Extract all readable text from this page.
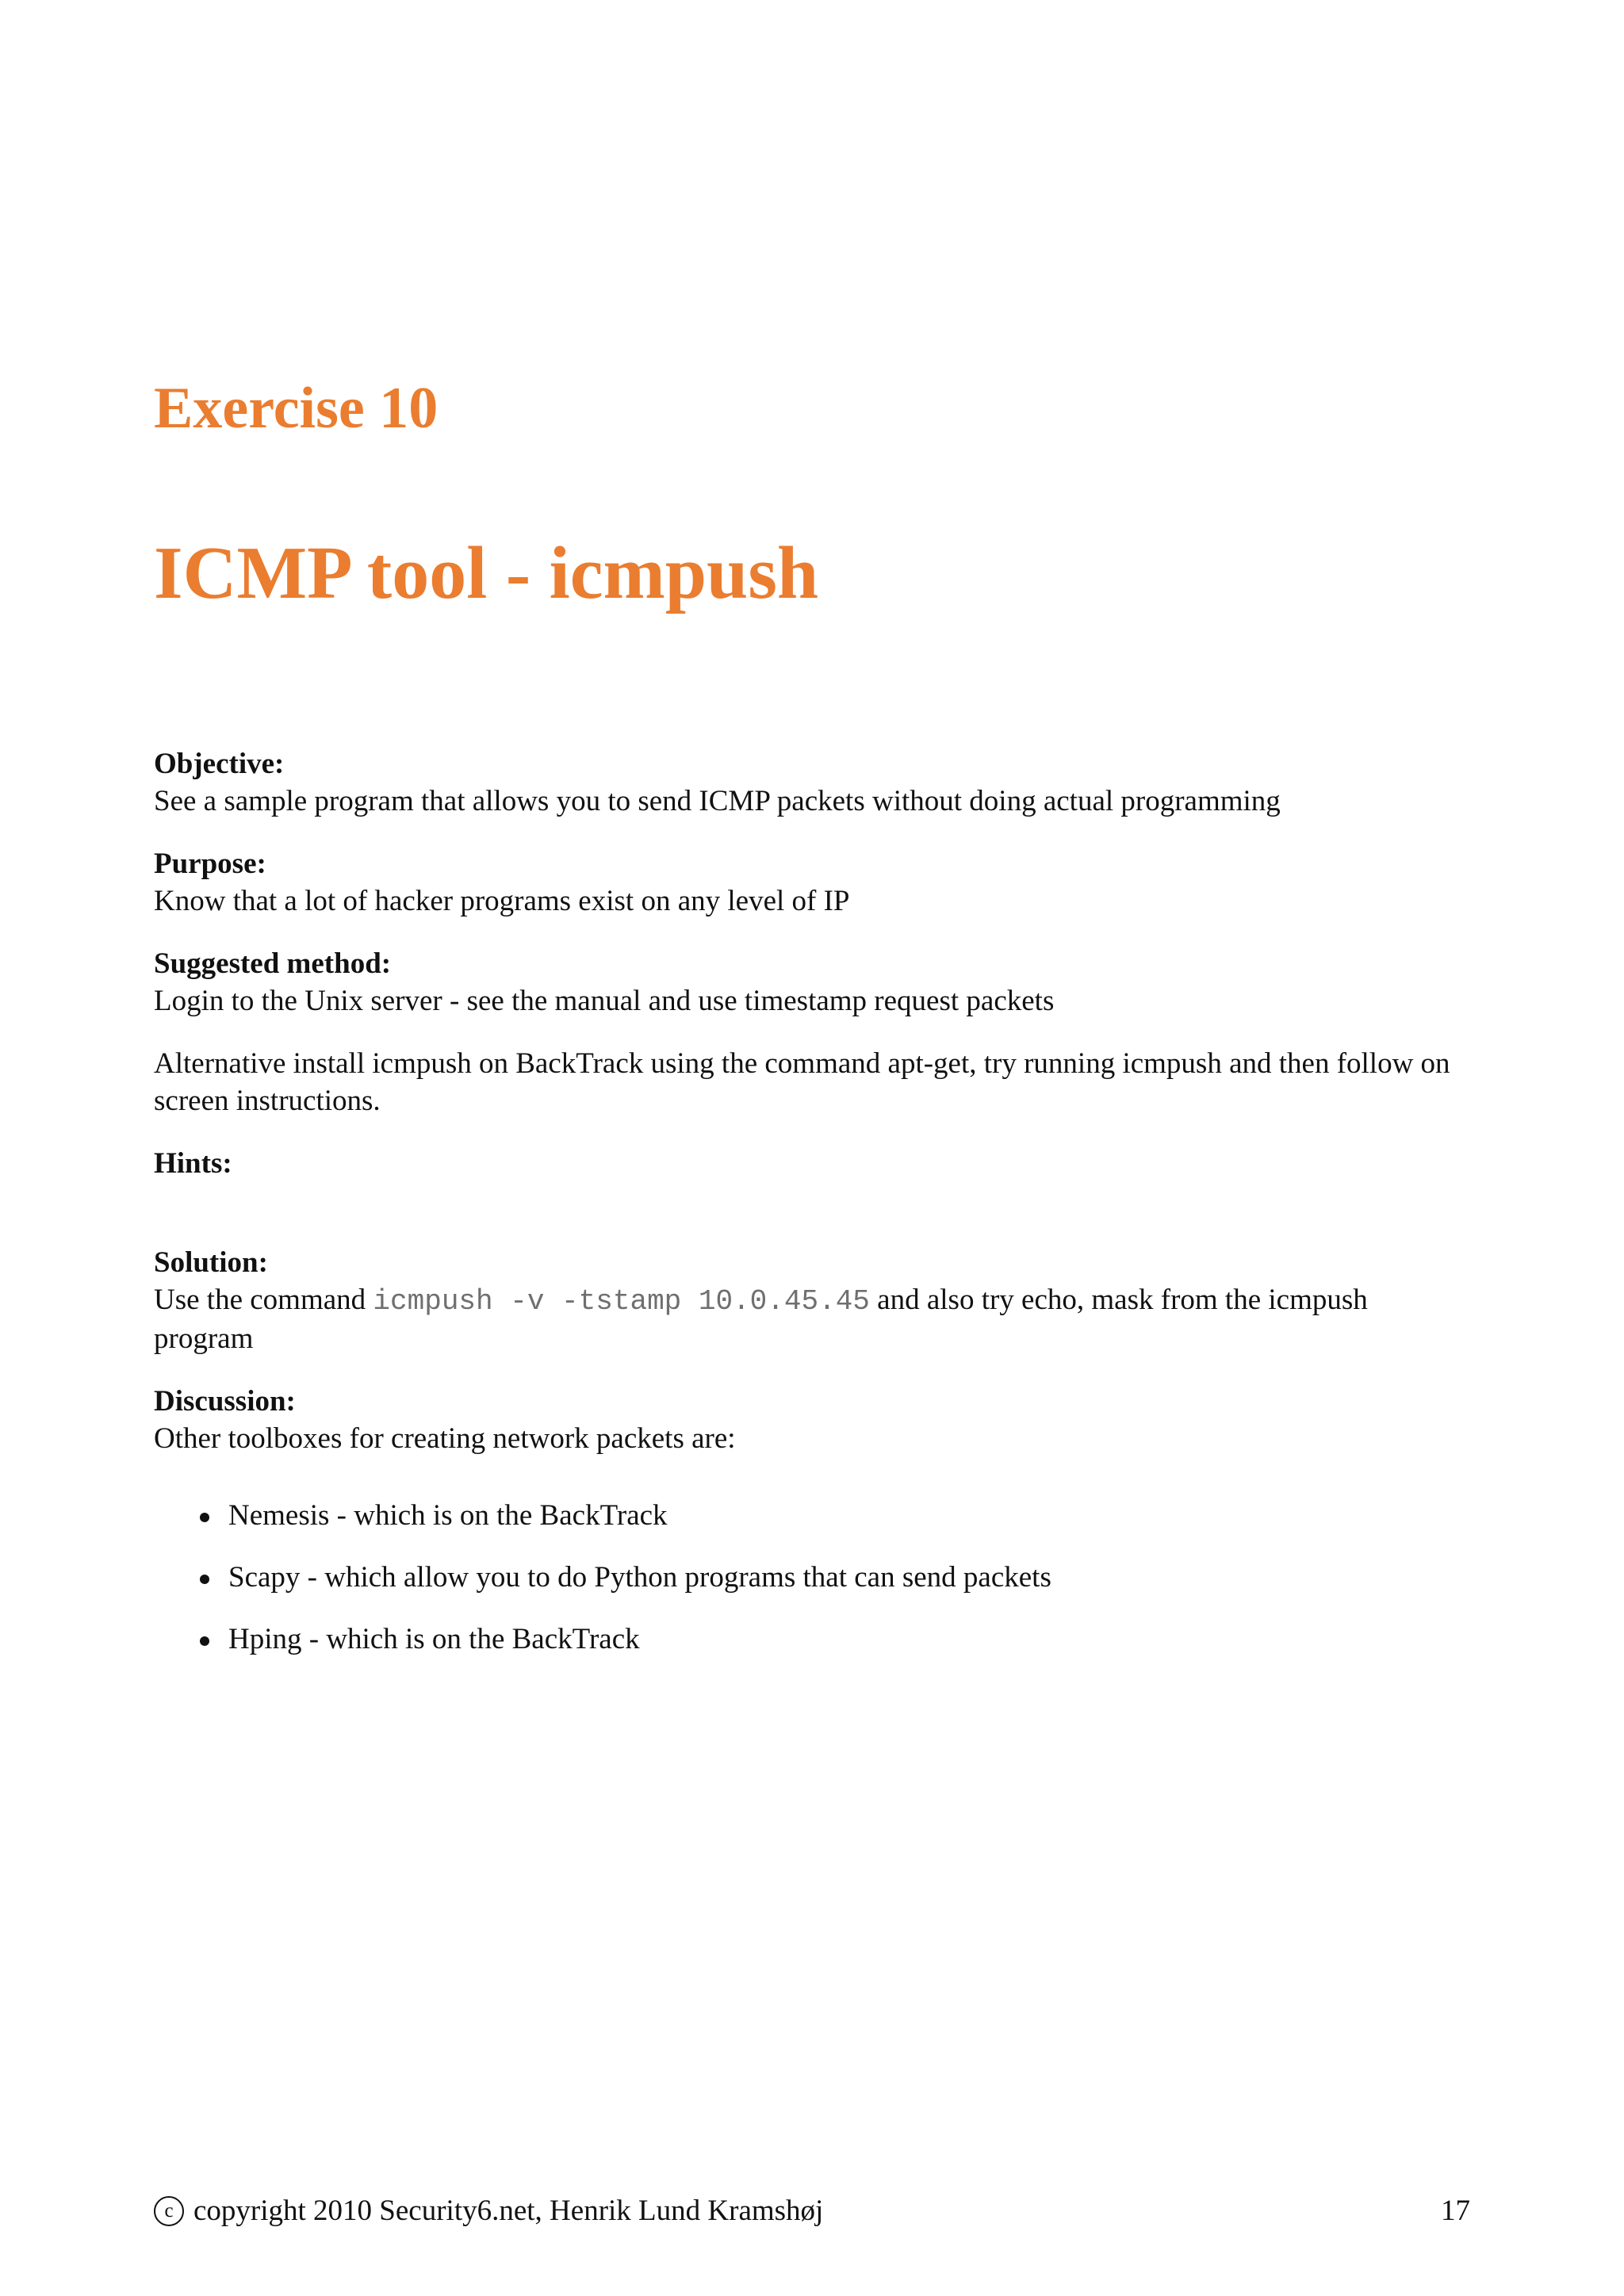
Exercise 10
ICMP tool - icmpush
Objective:
See a sample program that allows you to send ICMP packets without doing actual programming
Purpose:
Know that a lot of hacker programs exist on any level of IP
Suggested method:
Login to the Unix server - see the manual and use timestamp request packets

Alternative install icmpush on BackTrack using the command apt-get, try running icmpush and then follow on screen instructions.

Hints:
Solution:
Use the command icmpush -v -tstamp 10.0.45.45 and also try echo, mask from the icmpush program
Discussion:
Other toolboxes for creating network packets are:
Nemesis - which is on the BackTrack
Scapy - which allow you to do Python programs that can send packets
Hping - which is on the BackTrack
c copyright 2010 Security6.net, Henrik Lund Kramshøj	17
